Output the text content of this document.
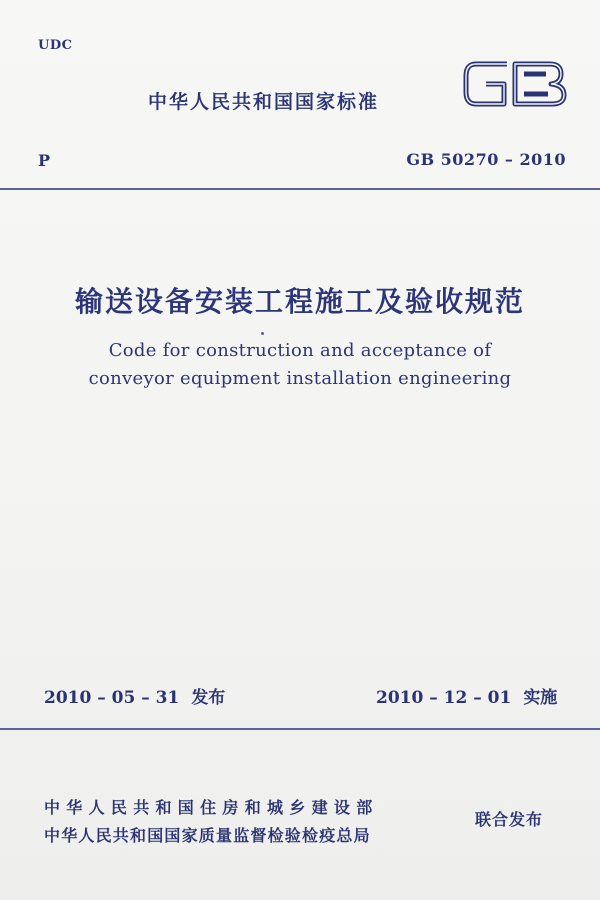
UDC
中华人民共和国国家标准
P	GB 50270 – 2010
输送设备安装工程施工及验收规范
Code for construction and acceptance of
conveyor equipment installation engineering
2010 – 05 – 31 发布	2010 – 12 – 01 实施
中华人民共和国住房和城乡建设部
中华人民共和国国家质量监督检验检疫总局
联合发布
